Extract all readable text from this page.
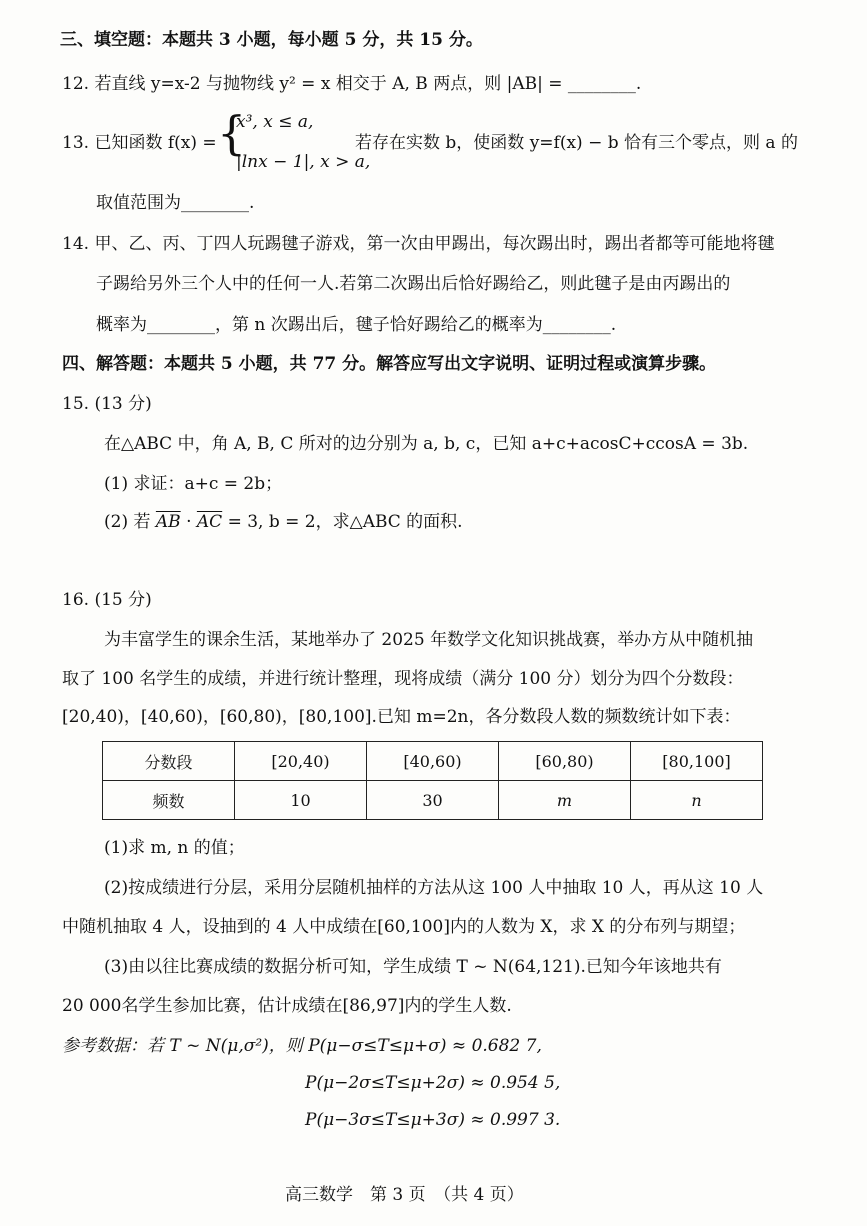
三、填空题：本题共 3 小题，每小题 5 分，共 15 分。
12. 若直线 y=x-2 与抛物线 y² = x 相交于 A, B 两点，则 |AB| = ________.
13. 已知函数 f(x) = {
x³, x ≤ a,
|lnx − 1|, x > a,
若存在实数 b，使函数 y=f(x) − b 恰有三个零点，则 a 的
取值范围为________.
14. 甲、乙、丙、丁四人玩踢毽子游戏，第一次由甲踢出，每次踢出时，踢出者都等可能地将毽
子踢给另外三个人中的任何一人.若第二次踢出后恰好踢给乙，则此毽子是由丙踢出的
概率为________，第 n 次踢出后，毽子恰好踢给乙的概率为________.
四、解答题：本题共 5 小题，共 77 分。解答应写出文字说明、证明过程或演算步骤。
15. (13 分)
在△ABC 中，角 A, B, C 所对的边分别为 a, b, c，已知 a+c+acosC+ccosA = 3b.
(1) 求证：a+c = 2b；
(2) 若 $\overline{AB} \cdot \overline{AC} = 3$, b = 2，求△ABC 的面积.
16. (15 分)
为丰富学生的课余生活，某地举办了 2025 年数学文化知识挑战赛，举办方从中随机抽
取了 100 名学生的成绩，并进行统计整理，现将成绩（满分 100 分）划分为四个分数段：
[20,40)，[40,60)，[60,80)，[80,100].已知 m=2n，各分数段人数的频数统计如下表：
分数段	[20,40)	[40,60)	[60,80)	[80,100]
频数	10	30	m	n
(1)求 m, n 的值；
(2)按成绩进行分层，采用分层随机抽样的方法从这 100 人中抽取 10 人，再从这 10 人
中随机抽取 4 人，设抽到的 4 人中成绩在[60,100]内的人数为 X，求 X 的分布列与期望；
(3)由以往比赛成绩的数据分析可知，学生成绩 T ~ N(64,121).已知今年该地共有
20 000名学生参加比赛，估计成绩在[86,97]内的学生人数.
参考数据：若 T ~ N(μ,σ²)，则 P(μ−σ≤T≤μ+σ) ≈ 0.682 7,
P(μ−2σ≤T≤μ+2σ) ≈ 0.954 5,
P(μ−3σ≤T≤μ+3σ) ≈ 0.997 3.
高三数学　第 3 页　（共 4 页）
